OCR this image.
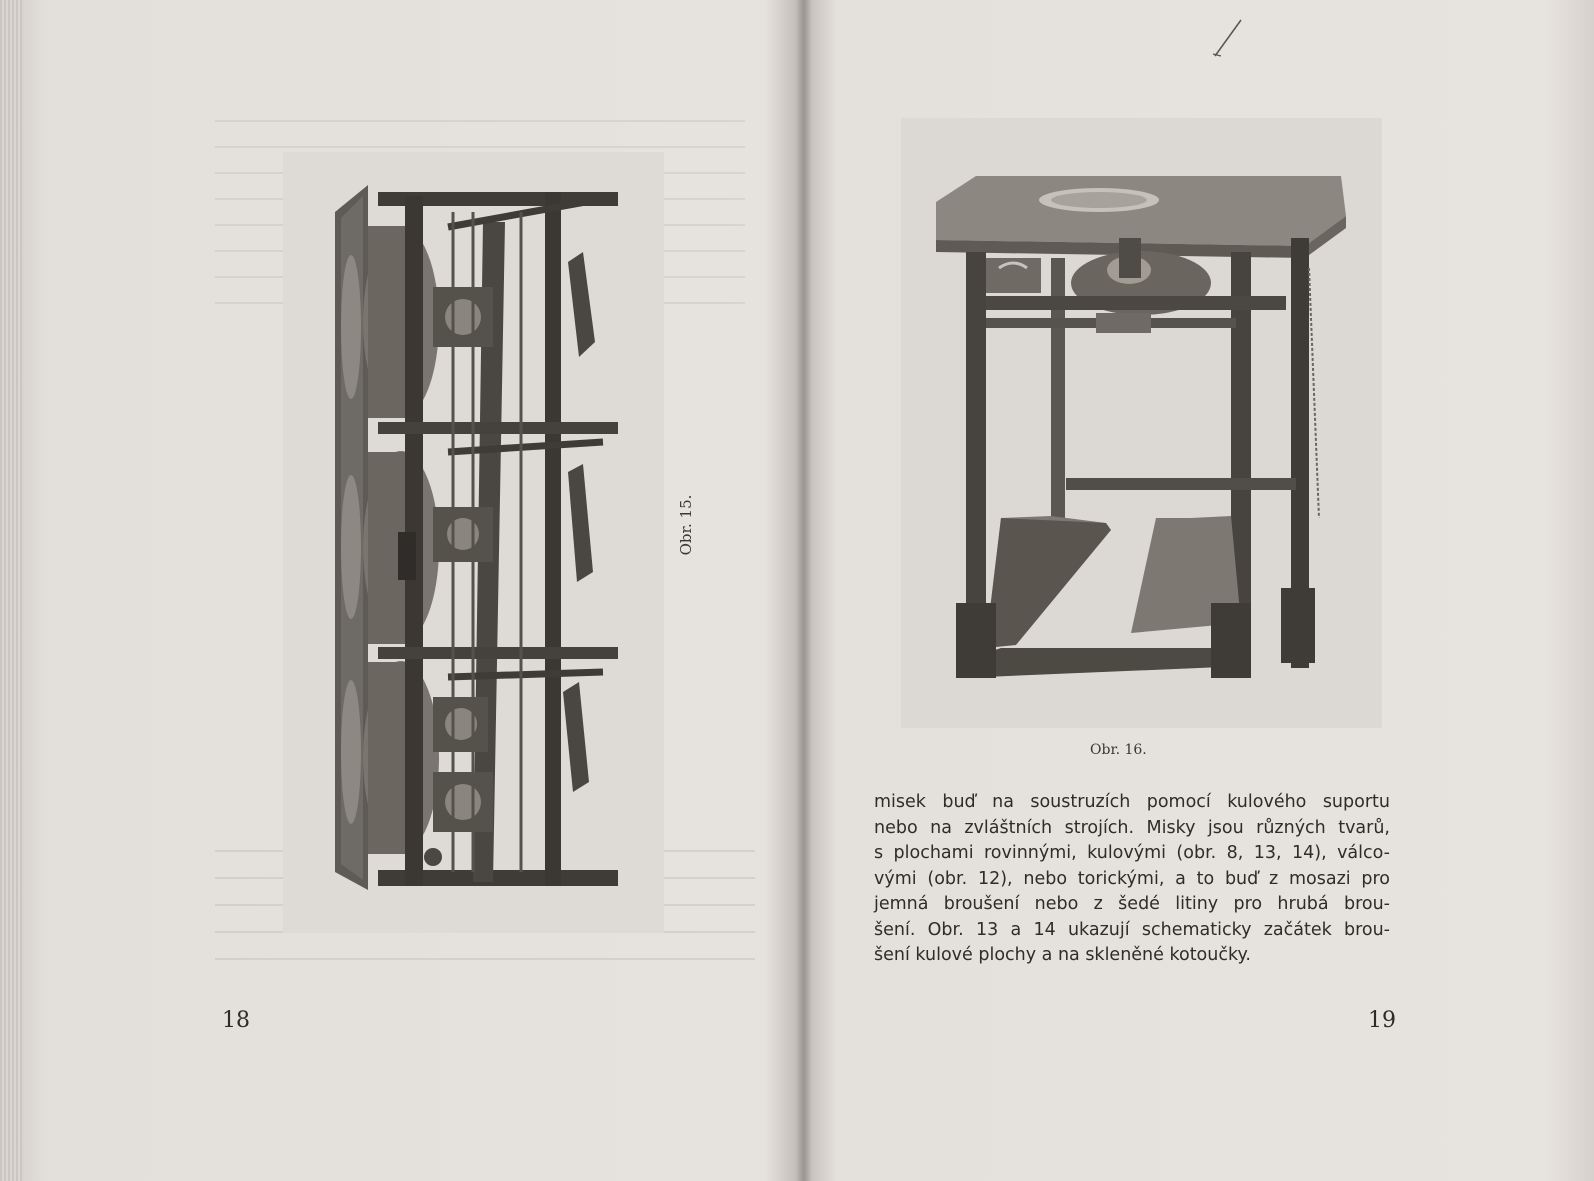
Obr. 15.
18
Obr. 16.
misek buď na soustruzích pomocí kulového suportu
nebo na zvláštních strojích. Misky jsou různých tvarů,
s plochami rovinnými, kulovými (obr. 8, 13, 14), válco-
vými (obr. 12), nebo torickými, a to buď z mosazi pro
jemná broušení nebo z šedé litiny pro hrubá brou-
šení. Obr. 13 a 14 ukazují schematicky začátek brou-
šení kulové plochy a na skleněné kotoučky.
19
